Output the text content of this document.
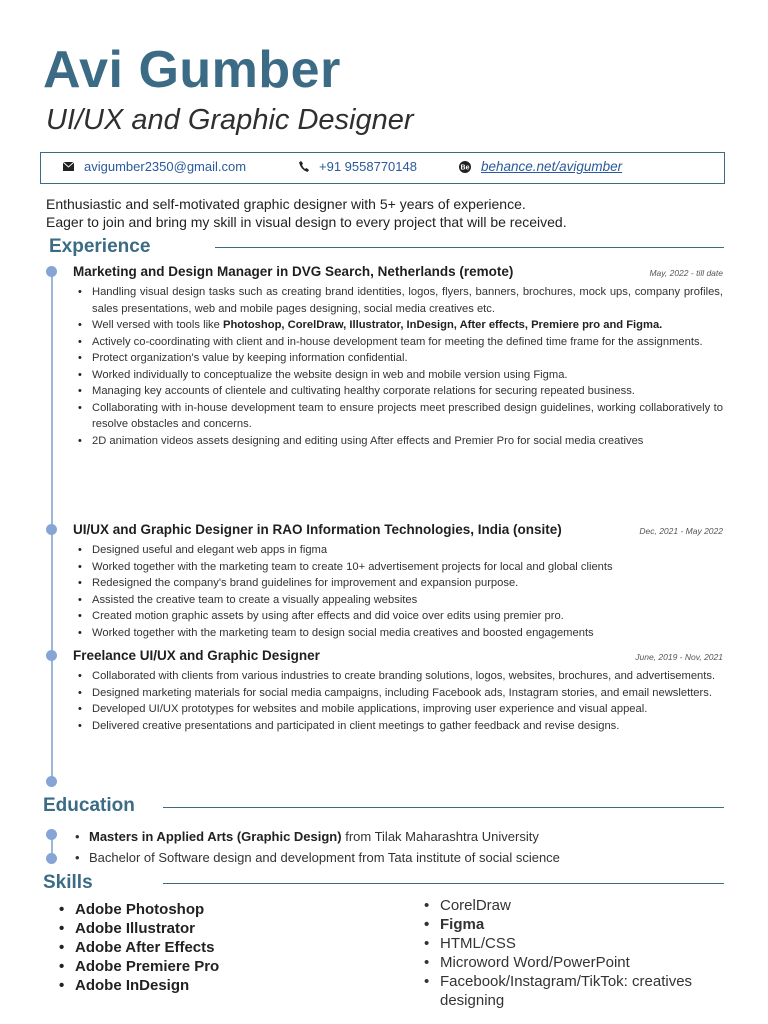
Avi Gumber
UI/UX and Graphic Designer
avigumber2350@gmail.com	+91 9558770148	Be behance.net/avigumber
Enthusiastic and self-motivated graphic designer with 5+ years of experience.
Eager to join and bring my skill in visual design to every project that will be received.
Experience
Marketing and Design Manager in DVG Search, Netherlands (remote)	May, 2022 - till date
• Handling visual design tasks such as creating brand identities, logos, flyers, banners, brochures, mock ups, company profiles, sales presentations, web and mobile pages designing, social media creatives etc.
• Well versed with tools like Photoshop, CorelDraw, Illustrator, InDesign, After effects, Premiere pro and Figma.
• Actively co-coordinating with client and in-house development team for meeting the defined time frame for the assignments.
• Protect organization's value by keeping information confidential.
• Worked individually to conceptualize the website design in web and mobile version using Figma.
• Managing key accounts of clientele and cultivating healthy corporate relations for securing repeated business.
• Collaborating with in-house development team to ensure projects meet prescribed design guidelines, working collaboratively to resolve obstacles and concerns.
• 2D animation videos assets designing and editing using After effects and Premier Pro for social media creatives
UI/UX and Graphic Designer in RAO Information Technologies, India (onsite)	Dec, 2021 - May 2022
• Designed useful and elegant web apps in figma
• Worked together with the marketing team to create 10+ advertisement projects for local and global clients
• Redesigned the company's brand guidelines for improvement and expansion purpose.
• Assisted the creative team to create a visually appealing websites
• Created motion graphic assets by using after effects and did voice over edits using premier pro.
• Worked together with the marketing team to design social media creatives and boosted engagements
Freelance UI/UX and Graphic Designer	June, 2019 - Nov, 2021
• Collaborated with clients from various industries to create branding solutions, logos, websites, brochures, and advertisements.
• Designed marketing materials for social media campaigns, including Facebook ads, Instagram stories, and email newsletters.
• Developed UI/UX prototypes for websites and mobile applications, improving user experience and visual appeal.
• Delivered creative presentations and participated in client meetings to gather feedback and revise designs.
Education
• Masters in Applied Arts (Graphic Design) from Tilak Maharashtra University
• Bachelor of Software design and development from Tata institute of social science
Skills
• Adobe Photoshop
• Adobe Illustrator
• Adobe After Effects
• Adobe Premiere Pro
• Adobe InDesign
• CorelDraw
• Figma
• HTML/CSS
• Microword Word/PowerPoint
• Facebook/Instagram/TikTok: creatives designing
